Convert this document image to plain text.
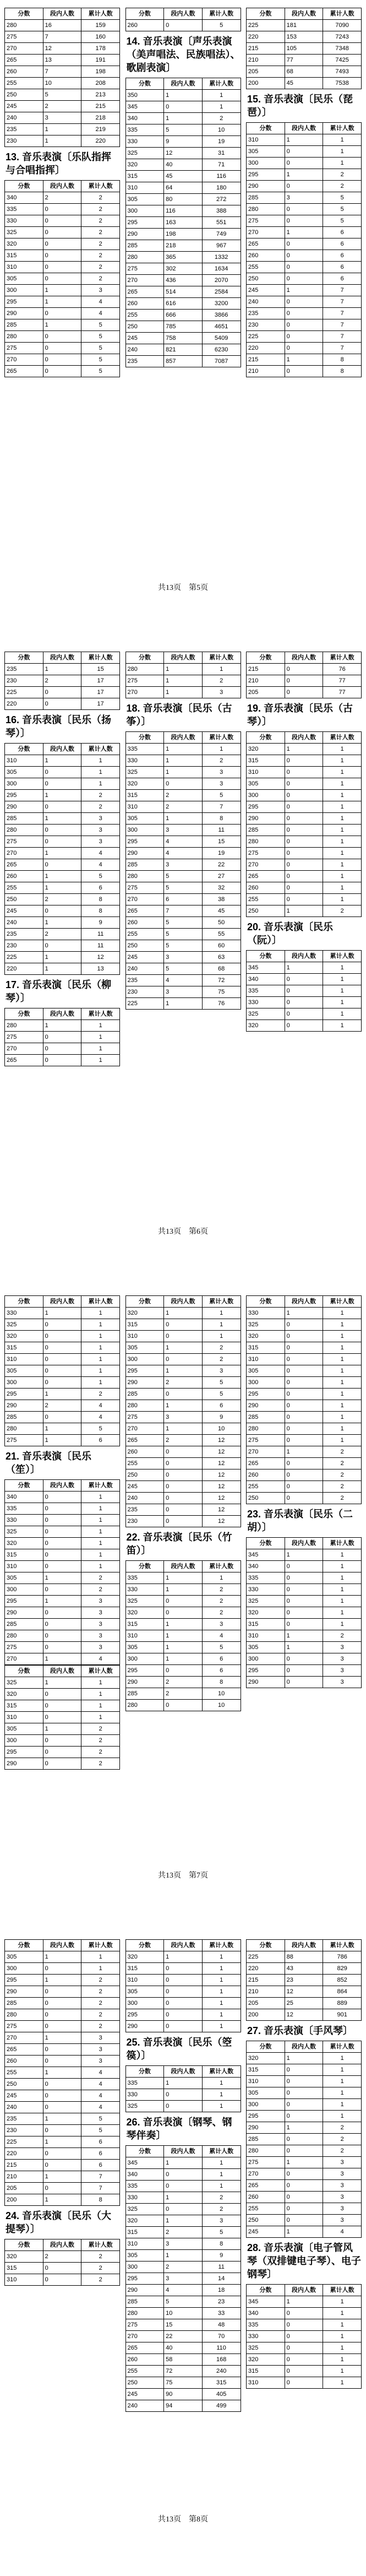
分数	段内人数	累计人数
280	16	159
275	7	160
270	12	178
265	13	191
260	7	198
255	10	208
250	5	213
245	2	215
240	3	218
235	1	219
230	1	220
13. 音乐表演〔乐队指挥与合唱指挥〕
分数	段内人数	累计人数
340	2	2
335	0	2
330	0	2
325	0	2
320	0	2
315	0	2
310	0	2
305	0	2
300	1	3
295	1	4
290	0	4
285	1	5
280	0	5
275	0	5
270	0	5
265	0	5
分数	段内人数	累计人数
260	0	5
14. 音乐表演〔声乐表演（美声唱法、民族唱法）、歌剧表演〕
分数	段内人数	累计人数
350	1	1
345	0	1
340	1	2
335	5	10
330	9	19
325	12	31
320	40	71
315	45	116
310	64	180
305	80	272
300	116	388
295	163	551
290	198	749
285	218	967
280	365	1332
275	302	1634
270	436	2070
265	514	2584
260	616	3200
255	666	3866
250	785	4651
245	758	5409
240	821	6230
235	857	7087
分数	段内人数	累计人数
225	181	7090
220	153	7243
215	105	7348
210	77	7425
205	68	7493
200	45	7538
15. 音乐表演〔民乐（琵琶）〕
分数	段内人数	累计人数
310	1	1
305	0	1
300	0	1
295	1	2
290	0	2
285	3	5
280	0	5
275	0	5
270	1	6
265	0	6
260	0	6
255	0	6
250	0	6
245	1	7
240	0	7
235	0	7
230	0	7
225	0	7
220	0	7
215	1	8
210	0	8
共13页　第5页
分数	段内人数	累计人数
235	1	15
230	2	17
225	0	17
220	0	17
16. 音乐表演〔民乐（扬琴）〕
分数	段内人数	累计人数
310	1	1
305	0	1
300	0	1
295	1	2
290	0	2
285	1	3
280	0	3
275	0	3
270	1	4
265	0	4
260	1	5
255	1	6
250	2	8
245	0	8
240	1	9
235	2	11
230	0	11
225	1	12
220	1	13
17. 音乐表演〔民乐（柳琴）〕
分数	段内人数	累计人数
280	1	1
275	0	1
270	0	1
265	0	1
分数	段内人数	累计人数
280	1	1
275	1	2
270	1	3
18. 音乐表演〔民乐（古筝）〕
分数	段内人数	累计人数
335	1	1
330	1	2
325	1	3
320	0	3
315	2	5
310	2	7
305	1	8
300	3	11
295	4	15
290	4	19
285	3	22
280	5	27
275	5	32
270	6	38
265	7	45
260	5	50
255	5	55
250	5	60
245	3	63
240	5	68
235	4	72
230	3	75
225	1	76
分数	段内人数	累计人数
215	0	76
210	0	77
205	0	77
19. 音乐表演〔民乐（古琴）〕
分数	段内人数	累计人数
320	1	1
315	0	1
310	0	1
305	0	1
300	0	1
295	0	1
290	0	1
285	0	1
280	0	1
275	0	1
270	0	1
265	0	1
260	0	1
255	0	1
250	1	2
20. 音乐表演〔民乐（阮）〕
分数	段内人数	累计人数
345	1	1
340	0	1
335	0	1
330	0	1
325	0	1
320	0	1
共13页　第6页
分数	段内人数	累计人数
330	1	1
325	0	1
320	0	1
315	0	1
310	0	1
305	0	1
300	0	1
295	1	2
290	2	4
285	0	4
280	1	5
275	1	6
21. 音乐表演〔民乐（笙）〕
分数	段内人数	累计人数
340	0	1
335	0	1
330	0	1
325	0	1
320	0	1
315	0	1
310	0	1
305	1	2
300	0	2
295	1	3
290	0	3
285	0	3
280	0	3
275	0	3
270	1	4
分数	段内人数	累计人数
325	1	1
320	0	1
315	0	1
310	0	1
305	1	2
300	0	2
295	0	2
290	0	2
分数	段内人数	累计人数
320	1	1
315	0	1
310	0	1
305	1	2
300	0	2
295	1	3
290	2	5
285	0	5
280	1	6
275	3	9
270	1	10
265	2	12
260	0	12
255	0	12
250	0	12
245	0	12
240	0	12
235	0	12
230	0	12
22. 音乐表演〔民乐（竹笛）〕
分数	段内人数	累计人数
335	1	1
330	1	2
325	0	2
320	0	2
315	1	3
310	1	4
305	1	5
300	1	6
295	0	6
290	2	8
285	2	10
280	0	10
分数	段内人数	累计人数
330	1	1
325	0	1
320	0	1
315	0	1
310	0	1
305	0	1
300	0	1
295	0	1
290	0	1
285	0	1
280	0	1
275	0	1
270	1	2
265	0	2
260	0	2
255	0	2
250	0	2
23. 音乐表演〔民乐（二胡）〕
分数	段内人数	累计人数
345	1	1
340	0	1
335	0	1
330	0	1
325	0	1
320	0	1
315	0	1
310	1	2
305	1	3
300	0	3
295	0	3
290	0	3
共13页　第7页
分数	段内人数	累计人数
305	1	1
300	0	1
295	1	2
290	0	2
285	0	2
280	0	2
275	0	2
270	1	3
265	0	3
260	0	3
255	1	4
250	0	4
245	0	4
240	0	4
235	1	5
230	0	5
225	1	6
220	0	6
215	0	6
210	1	7
205	0	7
200	1	8
24. 音乐表演〔民乐（大提琴）〕
分数	段内人数	累计人数
320	2	2
315	0	2
310	0	2
分数	段内人数	累计人数
320	1	1
315	0	1
310	0	1
305	0	1
300	0	1
295	0	1
290	0	1
25. 音乐表演〔民乐（箜篌）〕
分数	段内人数	累计人数
335	1	1
330	0	1
325	0	1
26. 音乐表演〔钢琴、钢琴伴奏〕
分数	段内人数	累计人数
345	1	1
340	0	1
335	0	1
330	1	2
325	0	2
320	1	3
315	2	5
310	3	8
305	1	9
300	2	11
295	3	14
290	4	18
285	5	23
280	10	33
275	15	48
270	22	70
265	40	110
260	58	168
255	72	240
250	75	315
245	90	405
240	94	499
分数	段内人数	累计人数
225	88	786
220	43	829
215	23	852
210	12	864
205	25	889
200	12	901
27. 音乐表演〔手风琴〕
分数	段内人数	累计人数
320	1	1
315	0	1
310	0	1
305	0	1
300	0	1
295	0	1
290	1	2
285	0	2
280	0	2
275	1	3
270	0	3
265	0	3
260	0	3
255	0	3
250	0	3
245	1	4
28. 音乐表演〔电子管风琴（双排键电子琴）、电子钢琴〕
分数	段内人数	累计人数
345	1	1
340	0	1
335	0	1
330	0	1
325	0	1
320	0	1
315	0	1
310	0	1
共13页　第8页
